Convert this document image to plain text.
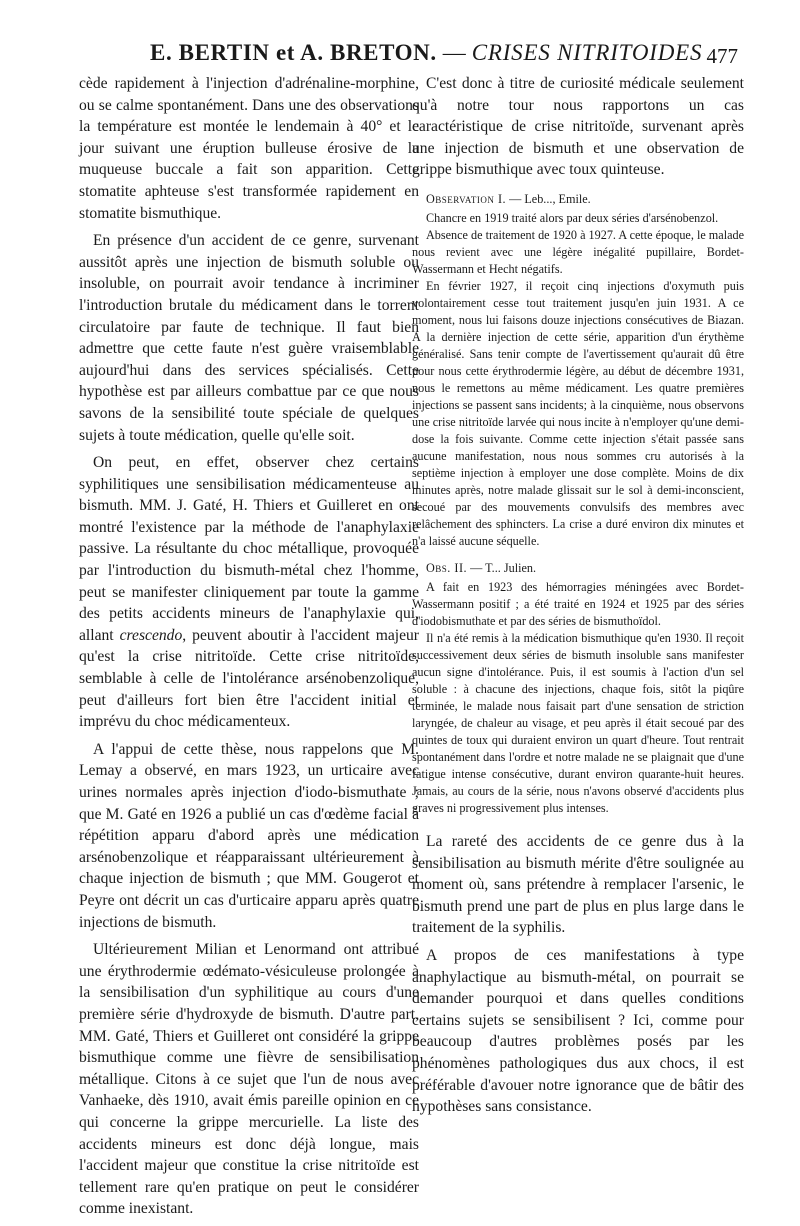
E. BERTIN et A. BRETON. — CRISES NITRITOIDES 477

cède rapidement à l'injection d'adrénaline-morphine, ou se calme spontanément. Dans une des observations la température est montée le lendemain à 40° et le jour suivant une éruption bulleuse érosive de la muqueuse buccale a fait son apparition. Cette stomatite aphteuse s'est transformée rapidement en stomatite bismuthique.

En présence d'un accident de ce genre, survenant aussitôt après une injection de bismuth soluble ou insoluble, on pourrait avoir tendance à incriminer l'introduction brutale du médicament dans le torrent circulatoire par faute de technique. Il faut bien admettre que cette faute n'est guère vraisemblable aujourd'hui dans des services spécialisés. Cette hypothèse est par ailleurs combattue par ce que nous savons de la sensibilité toute spéciale de quelques sujets à toute médication, quelle qu'elle soit.

On peut, en effet, observer chez certains syphilitiques une sensibilisation médicamenteuse au bismuth. MM. J. Gaté, H. Thiers et Guilleret en ont montré l'existence par la méthode de l'anaphylaxie passive. La résultante du choc métallique, provoquée par l'introduction du bismuth-métal chez l'homme, peut se manifester cliniquement par toute la gamme des petits accidents mineurs de l'anaphylaxie qui, allant crescendo, peuvent aboutir à l'accident majeur qu'est la crise nitritoïde. Cette crise nitritoïde, semblable à celle de l'intolérance arsénobenzolique, peut d'ailleurs fort bien être l'accident initial et imprévu du choc médicamenteux.

A l'appui de cette thèse, nous rappelons que M. Lemay a observé, en mars 1923, un urticaire avec urines normales après injection d'iodo-bismuthate ; que M. Gaté en 1926 a publié un cas d'œdème facial à répétition apparu d'abord après une médication arsénobenzolique et réapparaissant ultérieurement à chaque injection de bismuth ; que MM. Gougerot et Peyre ont décrit un cas d'urticaire apparu après quatre injections de bismuth.

Ultérieurement Milian et Lenormand ont attribué une érythrodermie œdémato-vésiculeuse prolongée à la sensibilisation d'un syphilitique au cours d'une première série d'hydroxyde de bismuth. D'autre part, MM. Gaté, Thiers et Guilleret ont considéré la grippe bismuthique comme une fièvre de sensibilisation métallique. Citons à ce sujet que l'un de nous avec Vanhaeke, dès 1910, avait émis pareille opinion en ce qui concerne la grippe mercurielle. La liste des accidents mineurs est donc déjà longue, mais l'accident majeur que constitue la crise nitritoïde est tellement rare qu'en pratique on peut le considérer comme inexistant.

C'est donc à titre de curiosité médicale seulement qu'à notre tour nous rapportons un cas caractéristique de crise nitritoïde, survenant après une injection de bismuth et une observation de grippe bismuthique avec toux quinteuse.

Observation I. — Leb..., Emile.

Chancre en 1919 traité alors par deux séries d'arsénobenzol.

Absence de traitement de 1920 à 1927. A cette époque, le malade nous revient avec une légère inégalité pupillaire, Bordet-Wassermann et Hecht négatifs.

En février 1927, il reçoit cinq injections d'oxymuth puis volontairement cesse tout traitement jusqu'en juin 1931. A ce moment, nous lui faisons douze injections consécutives de Biazan. A la dernière injection de cette série, apparition d'un érythème généralisé. Sans tenir compte de l'avertissement qu'aurait dû être pour nous cette érythrodermie légère, au début de décembre 1931, nous le remettons au même médicament. Les quatre premières injections se passent sans incidents; à la cinquième, nous observons une crise nitritoïde larvée qui nous incite à n'employer qu'une demi-dose la fois suivante. Comme cette injection s'était passée sans aucune manifestation, nous nous sommes cru autorisés à la septième injection à employer une dose complète. Moins de dix minutes après, notre malade glissait sur le sol à demi-inconscient, secoué par des mouvements convulsifs des membres avec relâchement des sphincters. La crise a duré environ dix minutes et n'a laissé aucune séquelle.

Obs. II. — T... Julien.

A fait en 1923 des hémorragies méningées avec Bordet-Wassermann positif ; a été traité en 1924 et 1925 par des séries d'iodobismuthate et par des séries de bismuthoïdol.

Il n'a été remis à la médication bismuthique qu'en 1930. Il reçoit successivement deux séries de bismuth insoluble sans manifester aucun signe d'intolérance. Puis, il est soumis à l'action d'un sel soluble : à chacune des injections, chaque fois, sitôt la piqûre terminée, le malade nous faisait part d'une sensation de striction laryngée, de chaleur au visage, et peu après il était secoué par des quintes de toux qui duraient environ un quart d'heure. Tout rentrait spontanément dans l'ordre et notre malade ne se plaignait que d'une fatigue intense consécutive, durant environ quarante-huit heures. Jamais, au cours de la série, nous n'avons observé d'accidents plus graves ni progressivement plus intenses.

La rareté des accidents de ce genre dus à la sensibilisation au bismuth mérite d'être soulignée au moment où, sans prétendre à remplacer l'arsenic, le bismuth prend une part de plus en plus large dans le traitement de la syphilis.

A propos de ces manifestations à type anaphylactique au bismuth-métal, on pourrait se demander pourquoi et dans quelles conditions certains sujets se sensibilisent ? Ici, comme pour beaucoup d'autres problèmes posés par les phénomènes pathologiques dus aux chocs, il est préférable d'avouer notre ignorance que de bâtir des hypothèses sans consistance.
